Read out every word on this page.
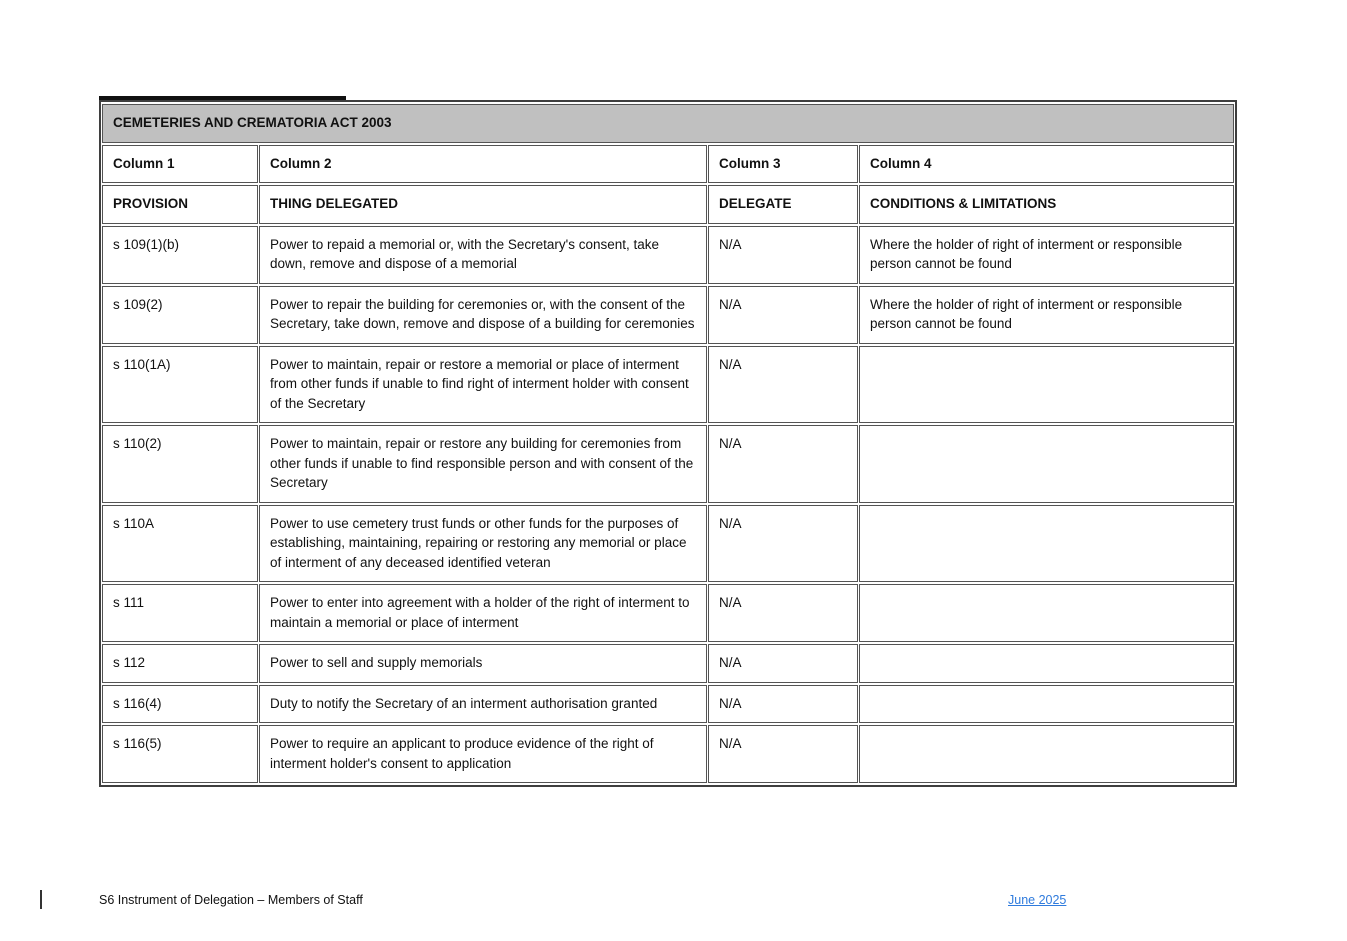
CEMETERIES AND CREMATORIA ACT 2003			
Column 1	Column 2	Column 3	Column 4
PROVISION	THING DELEGATED	DELEGATE	CONDITIONS & LIMITATIONS
s 109(1)(b)	Power to repaid a memorial or, with the Secretary's consent, take down, remove and dispose of a memorial	N/A	Where the holder of right of interment or responsible person cannot be found
s 109(2)	Power to repair the building for ceremonies or, with the consent of the Secretary, take down, remove and dispose of a building for ceremonies	N/A	Where the holder of right of interment or responsible person cannot be found
s 110(1A)	Power to maintain, repair or restore a memorial or place of interment from other funds if unable to find right of interment holder with consent of the Secretary	N/A	
s 110(2)	Power to maintain, repair or restore any building for ceremonies from other funds if unable to find responsible person and with consent of the Secretary	N/A	
s 110A	Power to use cemetery trust funds or other funds for the purposes of establishing, maintaining, repairing or restoring any memorial or place of interment of any deceased identified veteran	N/A	
s 111	Power to enter into agreement with a holder of the right of interment to maintain a memorial or place of interment	N/A	
s 112	Power to sell and supply memorials	N/A	
s 116(4)	Duty to notify the Secretary of an interment authorisation granted	N/A	
s 116(5)	Power to require an applicant to produce evidence of the right of interment holder's consent to application	N/A	
S6 Instrument of Delegation – Members of Staff	June 2025
